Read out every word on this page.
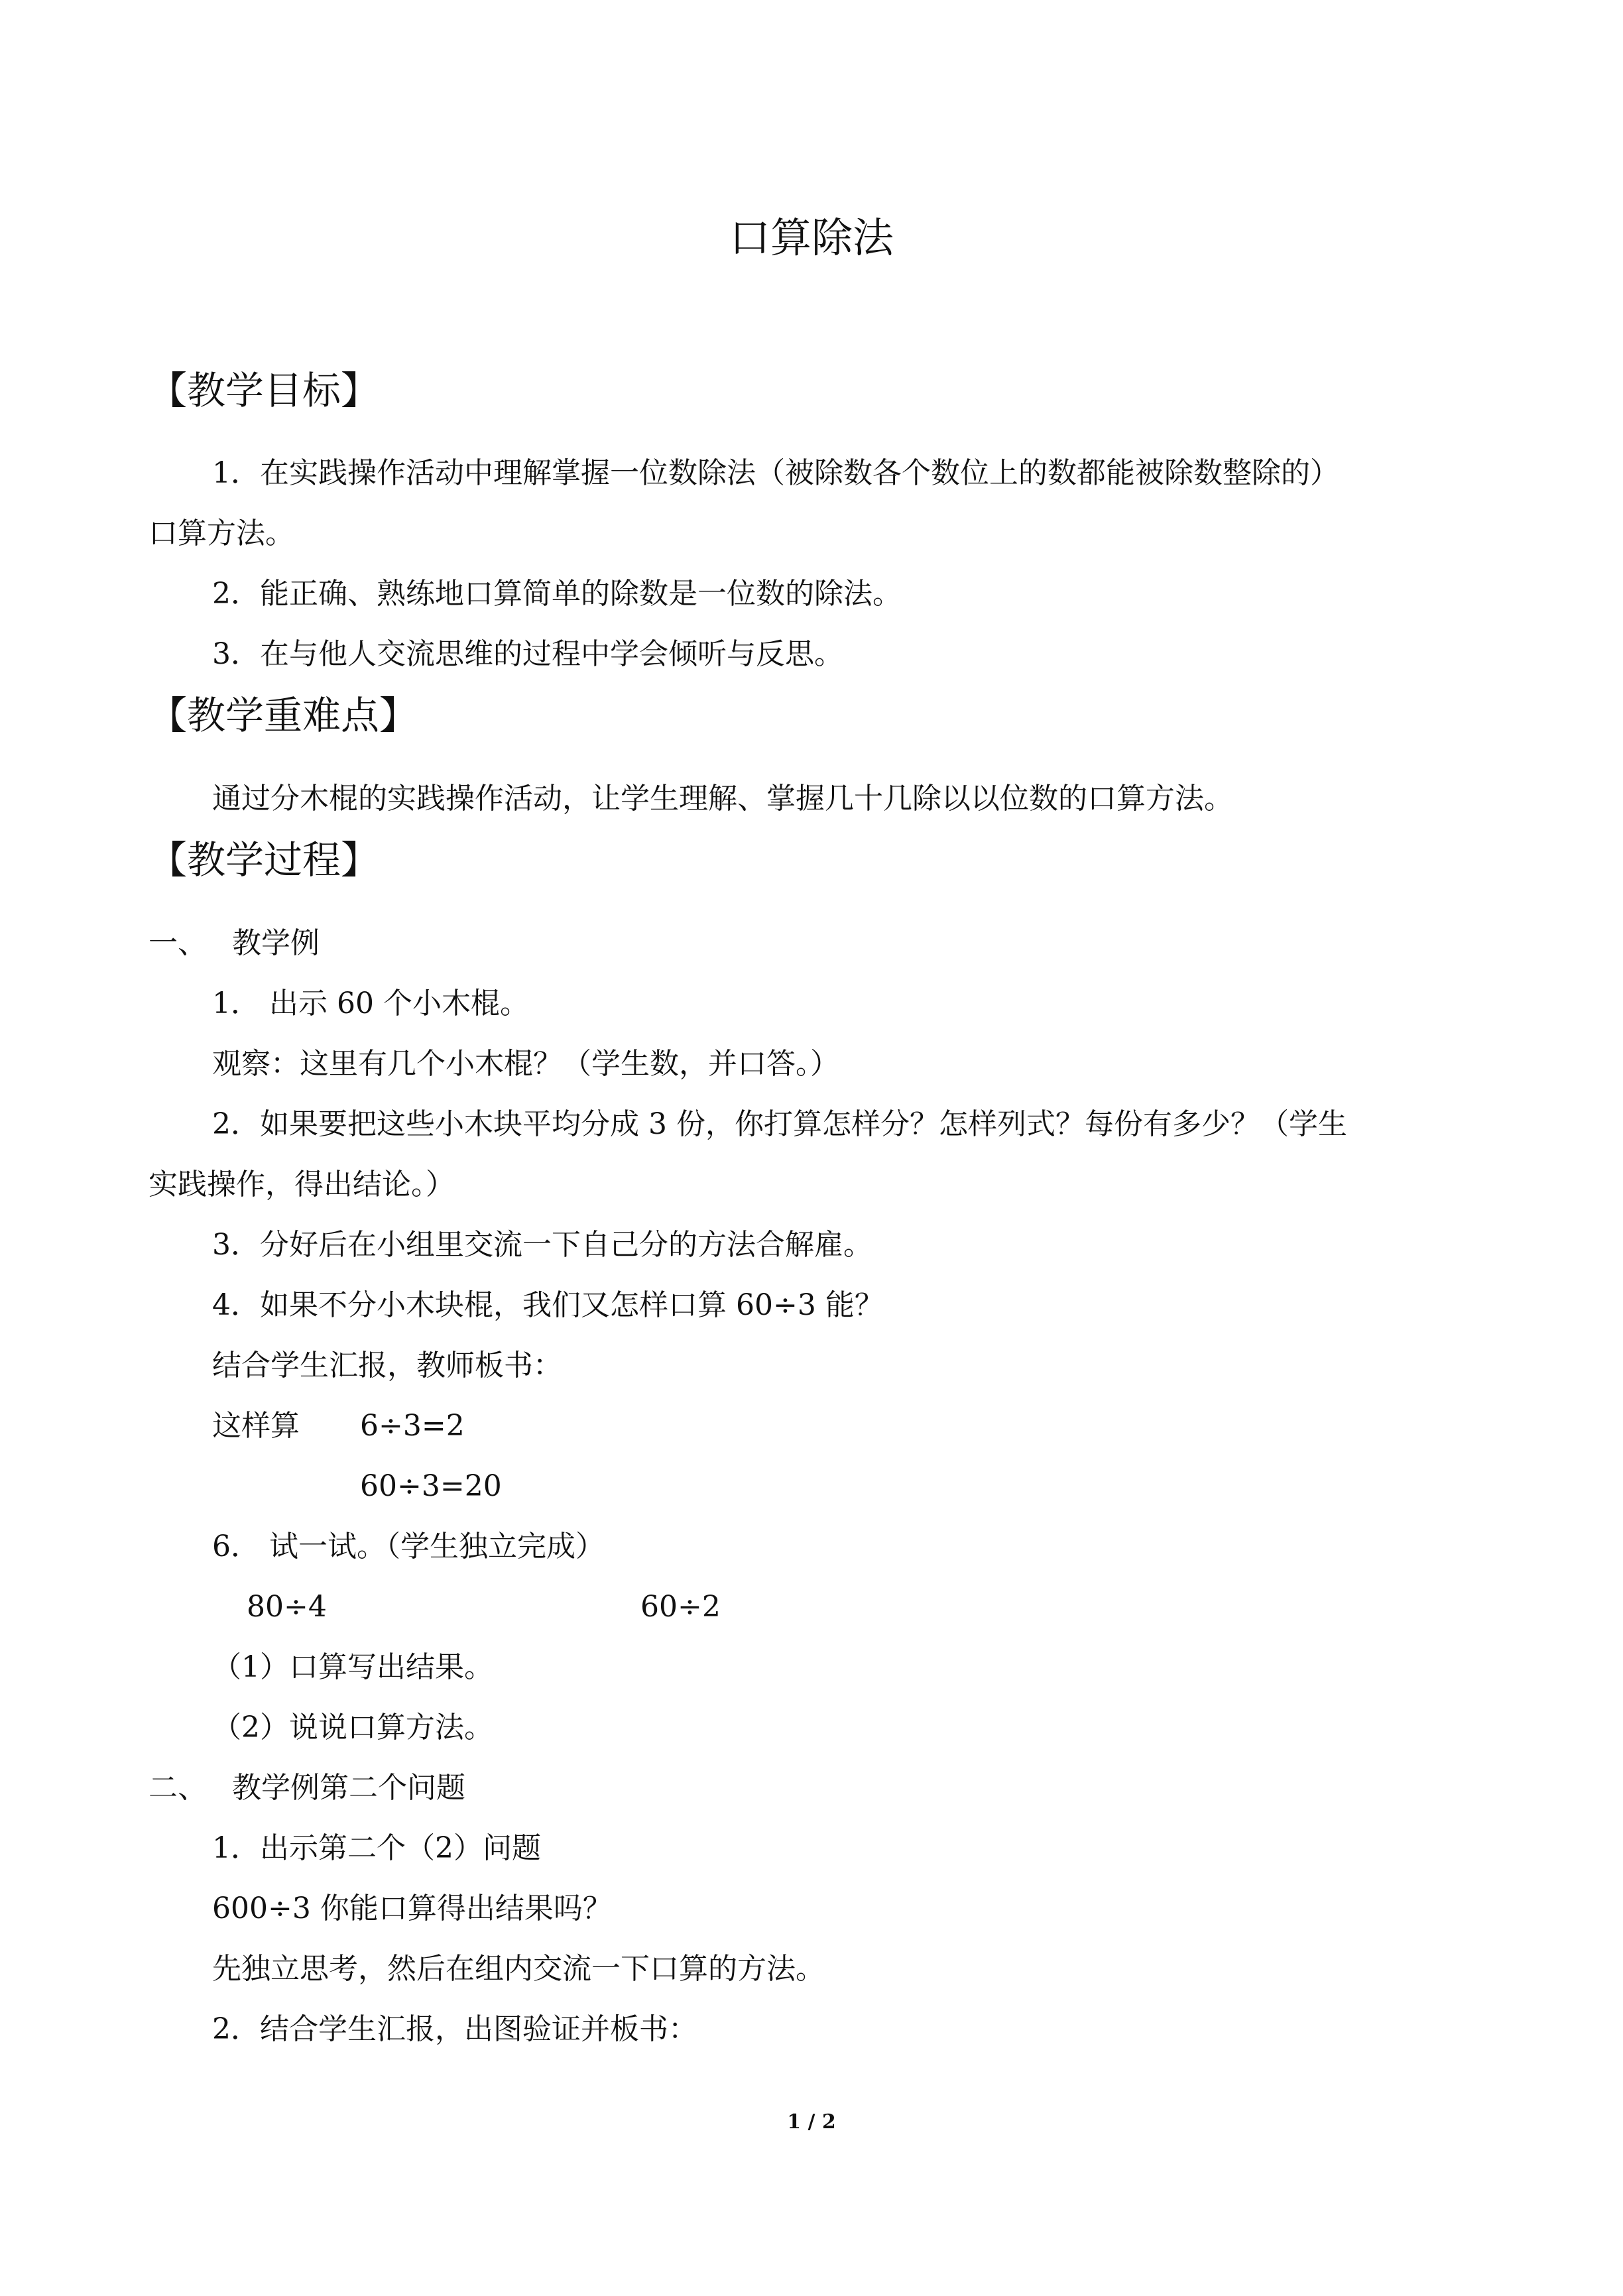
口算除法
【教学目标】
1．在实践操作活动中理解掌握一位数除法（被除数各个数位上的数都能被除数整除的）
口算方法。
2．能正确、熟练地口算简单的除数是一位数的除法。
3．在与他人交流思维的过程中学会倾听与反思。
【教学重难点】
通过分木棍的实践操作活动，让学生理解、掌握几十几除以以位数的口算方法。
【教学过程】
一、 教学例
1． 出示 60 个小木棍。
观察：这里有几个小木棍？（学生数，并口答。）
2．如果要把这些小木块平均分成 3 份，你打算怎样分？怎样列式？每份有多少？（学生
实践操作，得出结论。）
3．分好后在小组里交流一下自己分的方法合解雇。
4．如果不分小木块棍，我们又怎样口算 60÷3 能？
结合学生汇报，教师板书：
这样算 6÷3=2
60÷3=20
6． 试一试。（学生独立完成）
80÷4	60÷2
（1）口算写出结果。
（2）说说口算方法。
二、 教学例第二个问题
1．出示第二个（2）问题
600÷3 你能口算得出结果吗？
先独立思考，然后在组内交流一下口算的方法。
2．结合学生汇报，出图验证并板书：
1 / 2
